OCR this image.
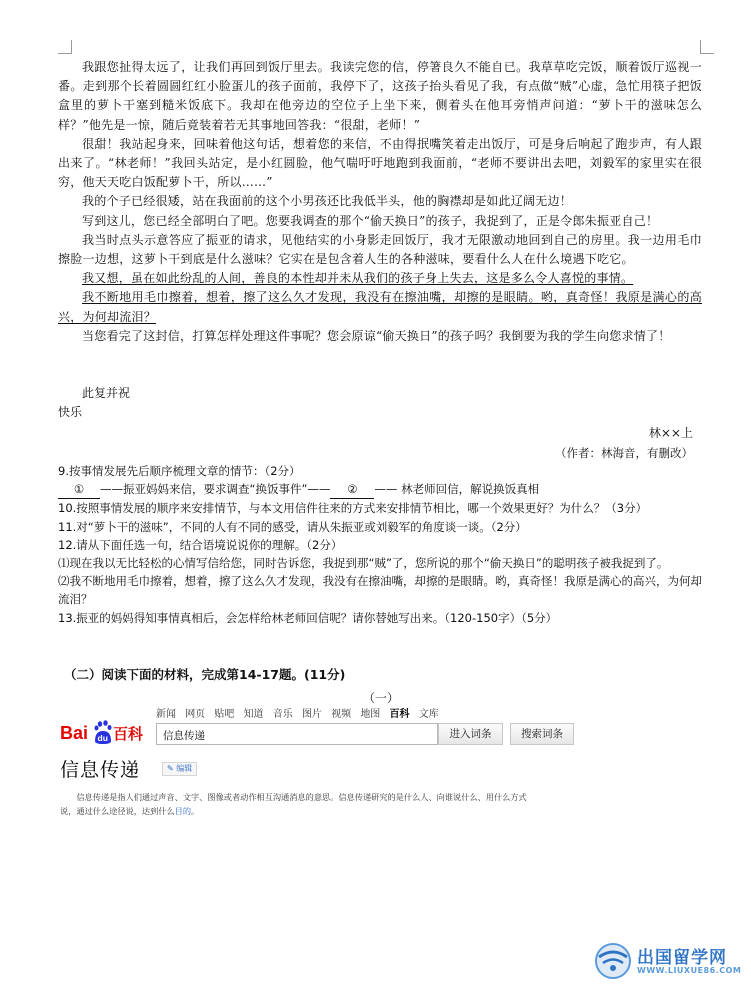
我跟您扯得太远了，让我们再回到饭厅里去。我读完您的信，停箸良久不能自已。我草草吃完饭，顺着饭厅巡视一番。走到那个长着圆圆红红小脸蛋儿的孩子面前，我停下了，这孩子抬头看见了我，有点做“贼”心虚，急忙用筷子把饭盒里的萝卜干塞到糙米饭底下。我却在他旁边的空位子上坐下来，侧着头在他耳旁悄声问道：“萝卜干的滋味怎么样？”他先是一惊，随后竟装着若无其事地回答我：“很甜，老师！”

很甜！我站起身来，回味着他这句话，想着您的来信，不由得抿嘴笑着走出饭厅，可是身后响起了跑步声，有人跟出来了。“林老师！”我回头站定，是小红圆脸，他气喘吁吁地跑到我面前，“老师不要讲出去吧，刘毅军的家里实在很穷，他天天吃白饭配萝卜干，所以……”

我的个子已经很矮，站在我面前的这个小男孩还比我低半头，他的胸襟却是如此辽阔无边！

写到这儿，您已经全部明白了吧。您要我调查的那个“偷天换日”的孩子，我捉到了，正是令郎朱振亚自己！

我当时点头示意答应了振亚的请求，见他结实的小身影走回饭厅，我才无限激动地回到自己的房里。我一边用毛巾擦脸一边想，这萝卜干到底是什么滋味？它实在是包含着人生的各种滋味，要看什么人在什么境遇下吃它。

我又想，虽在如此纷乱的人间，善良的本性却并未从我们的孩子身上失去，这是多么令人喜悦的事情。

我不断地用毛巾擦着，想着，擦了这么久才发现，我没有在擦油嘴，却擦的是眼睛。哟，真奇怪！我原是满心的高兴，为何却流泪？

当您看完了这封信，打算怎样处理这件事呢？您会原谅“偷天换日”的孩子吗？我倒要为我的学生向您求情了！

此复并祝
快乐
林××上
（作者：林海音，有删改）
9.按事情发展先后顺序梳理文章的情节：（2分）
① ——振亚妈妈来信，要求调查“换饭事件”—— ② —— 林老师回信，解说换饭真相
10.按照事情发展的顺序来安排情节，与本文用信件往来的方式来安排情节相比，哪一个效果更好？为什么？（3分）
11.对“萝卜干的滋味”，不同的人有不同的感受，请从朱振亚或刘毅军的角度谈一谈。（2分）
12.请从下面任选一句，结合语境说说你的理解。（2分）
⑴现在我以无比轻松的心情写信给您，同时告诉您，我捉到那“贼”了，您所说的那个“偷天换日”的聪明孩子被我捉到了。
⑵我不断地用毛巾擦着，想着，擦了这么久才发现，我没有在擦油嘴，却擦的是眼睛。哟，真奇怪！我原是满心的高兴，为何却流泪？
13.振亚的妈妈得知事情真相后，会怎样给林老师回信呢？请你替她写出来。（120-150字）（5分）
（二）阅读下面的材料，完成第14-17题。(11分)
（一）
新闻 网页 贴吧 知道 音乐 图片 视频 地图 百科 文库
Bai du 百科	信息传递	进入词条	搜索词条
信息传递	✎ 编辑
信息传递是指人们通过声音、文字、图像或者动作相互沟通消息的意思。信息传递研究的是什么人、向谁说什么、用什么方式说，通过什么途径说，达到什么目的。
出国留学网
WWW.LIUXUE86.COM
